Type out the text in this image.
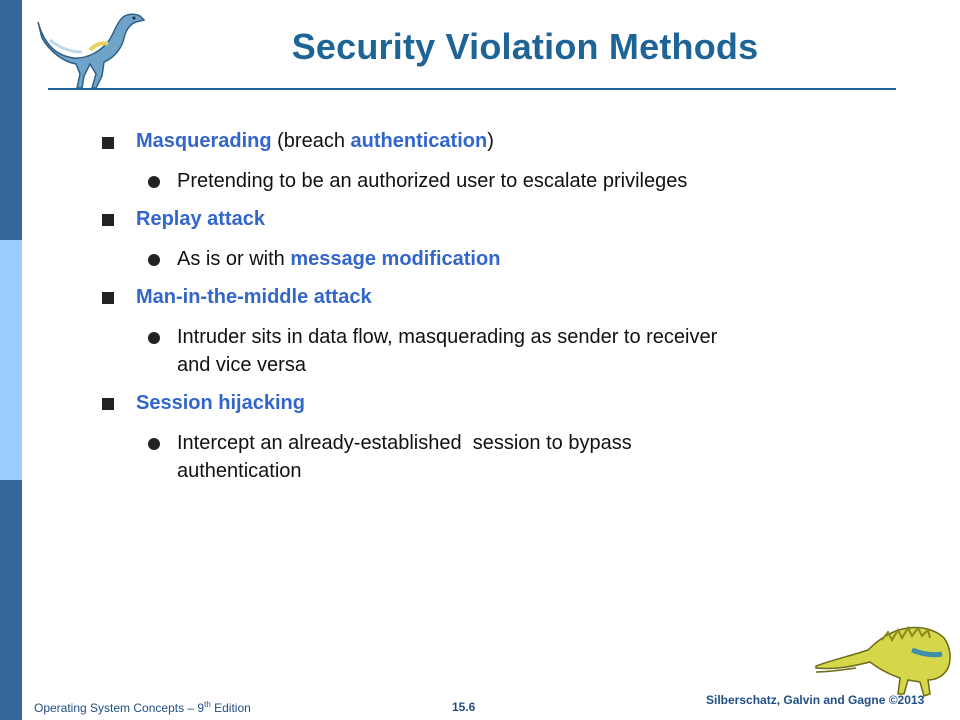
Security Violation Methods
Masquerading (breach authentication)
Pretending to be an authorized user to escalate privileges
Replay attack
As is or with message modification
Man-in-the-middle attack
Intruder sits in data flow, masquerading as sender to receiver
and vice versa
Session hijacking
Intercept an already-established  session to bypass
authentication
Operating System Concepts – 9th Edition	15.6	Silberschatz, Galvin and Gagne ©2013
